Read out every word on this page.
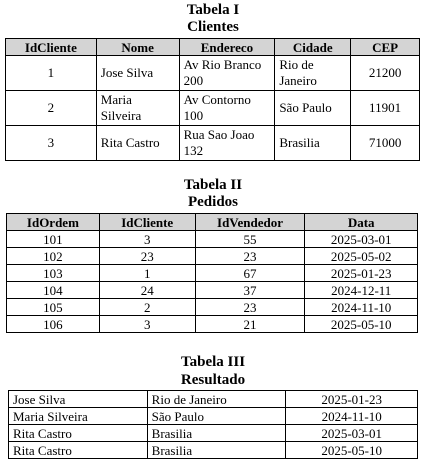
Tabela I
Clientes
IdCliente	Nome	Endereco	Cidade	CEP
1	Jose Silva	Av Rio Branco 200	Rio de Janeiro	21200
2	Maria Silveira	Av Contorno 100	São Paulo	11901
3	Rita Castro	Rua Sao Joao 132	Brasilia	71000
Tabela II
Pedidos
IdOrdem	IdCliente	IdVendedor	Data
101	3	55	2025-03-01
102	23	23	2025-05-02
103	1	67	2025-01-23
104	24	37	2024-12-11
105	2	23	2024-11-10
106	3	21	2025-05-10
Tabela III
Resultado
Jose Silva	Rio de Janeiro	2025-01-23
Maria Silveira	São Paulo	2024-11-10
Rita Castro	Brasilia	2025-03-01
Rita Castro	Brasilia	2025-05-10
